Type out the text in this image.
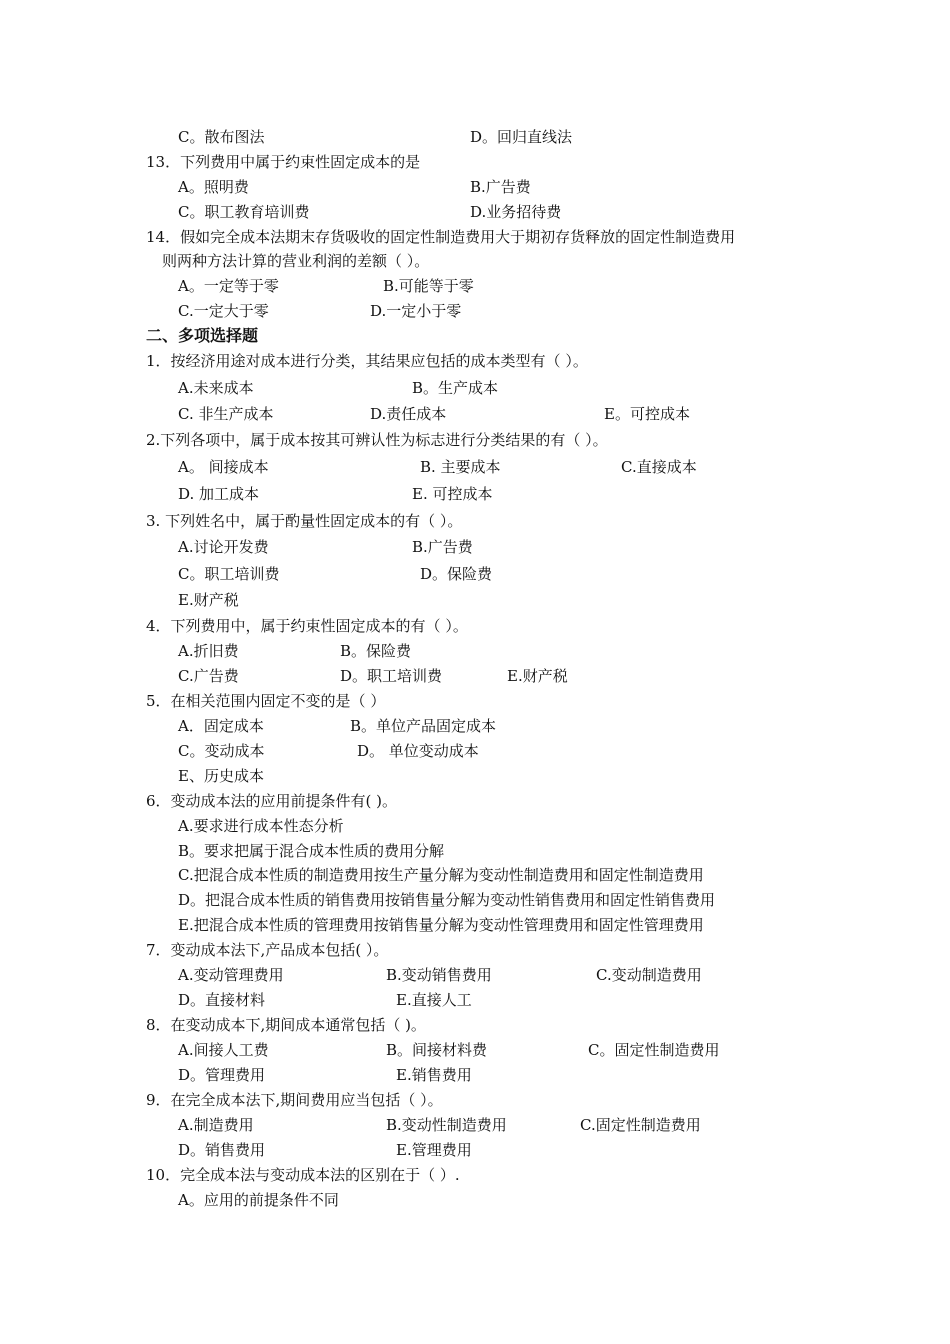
C。散布图法	D。回归直线法
13．下列费用中属于约束性固定成本的是
A。照明费	B.广告费
C。职工教育培训费	D.业务招待费
14．假如完全成本法期末存货吸收的固定性制造费用大于期初存货释放的固定性制造费用
则两种方法计算的营业利润的差额（ ）。
A。一定等于零	B.可能等于零
C.一定大于零	D.一定小于零
二、多项选择题
1．按经济用途对成本进行分类，其结果应包括的成本类型有（ ）。
A.未来成本	B。生产成本
C. 非生产成本	D.责任成本	E。可控成本
2.下列各项中，属于成本按其可辨认性为标志进行分类结果的有（ ）。
A。 间接成本	B. 主要成本	C.直接成本
D. 加工成本	E. 可控成本
3. 下列姓名中，属于酌量性固定成本的有（ ）。
A.讨论开发费	B.广告费
C。职工培训费	D。保险费
E.财产税
4．下列费用中，属于约束性固定成本的有（ ）。
A.折旧费	B。保险费
C.广告费	D。职工培训费	E.财产税
5．在相关范围内固定不变的是（ ）
A．固定成本	B。单位产品固定成本
C。变动成本	D。 单位变动成本
E、历史成本
6．变动成本法的应用前提条件有( )。
A.要求进行成本性态分析
B。要求把属于混合成本性质的费用分解
C.把混合成本性质的制造费用按生产量分解为变动性制造费用和固定性制造费用
D。把混合成本性质的销售费用按销售量分解为变动性销售费用和固定性销售费用
E.把混合成本性质的管理费用按销售量分解为变动性管理费用和固定性管理费用
7．变动成本法下,产品成本包括( ）。
A.变动管理费用	B.变动销售费用	C.变动制造费用
D。直接材料	E.直接人工
8．在变动成本下,期间成本通常包括（ )。
A.间接人工费	B。间接材料费	C。固定性制造费用
D。管理费用	E.销售费用
9．在完全成本法下,期间费用应当包括（ ）。
A.制造费用	B.变动性制造费用	C.固定性制造费用
D。销售费用	E.管理费用
10．完全成本法与变动成本法的区别在于（ ）.
A。应用的前提条件不同
